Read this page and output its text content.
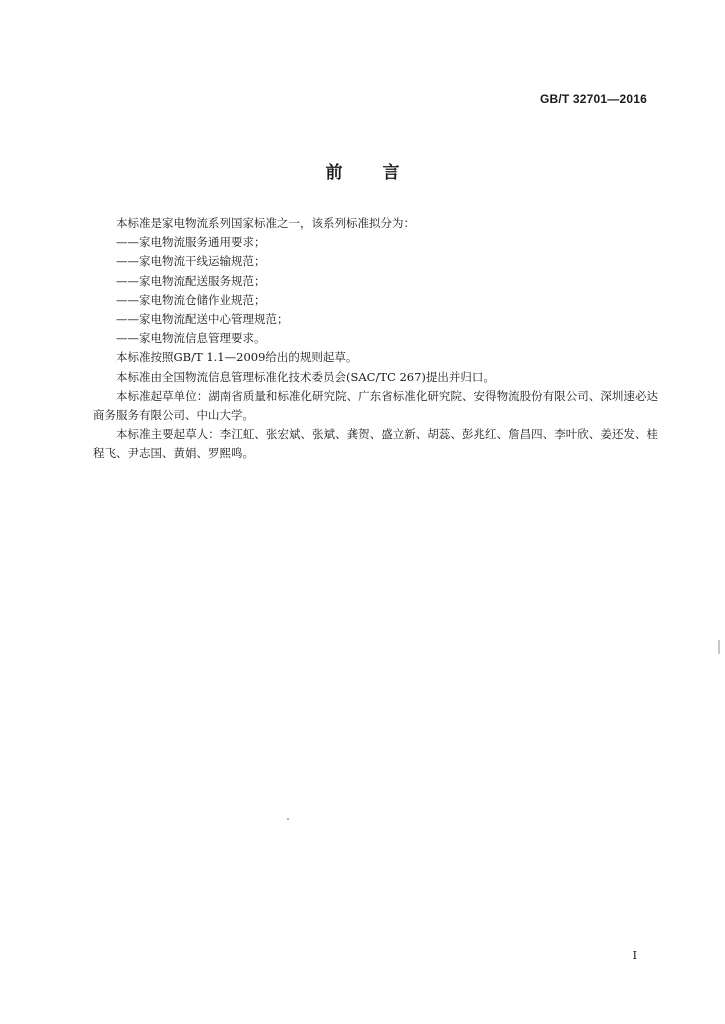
GB/T 32701—2016
前言

本标准是家电物流系列国家标准之一，该系列标准拟分为：

——家电物流服务通用要求；

——家电物流干线运输规范；

——家电物流配送服务规范；

——家电物流仓储作业规范；

——家电物流配送中心管理规范；

——家电物流信息管理要求。

本标准按照GB/T 1.1—2009给出的规则起草。

本标准由全国物流信息管理标准化技术委员会(SAC/TC 267)提出并归口。

本标准起草单位：湖南省质量和标准化研究院、广东省标准化研究院、安得物流股份有限公司、深圳速必达商务服务有限公司、中山大学。

本标准主要起草人：李江虹、张宏斌、张斌、龚贺、盛立新、胡蕊、彭兆红、詹昌四、李叶欣、姜还发、桂程飞、尹志国、黄娟、罗熙鸣。

I
